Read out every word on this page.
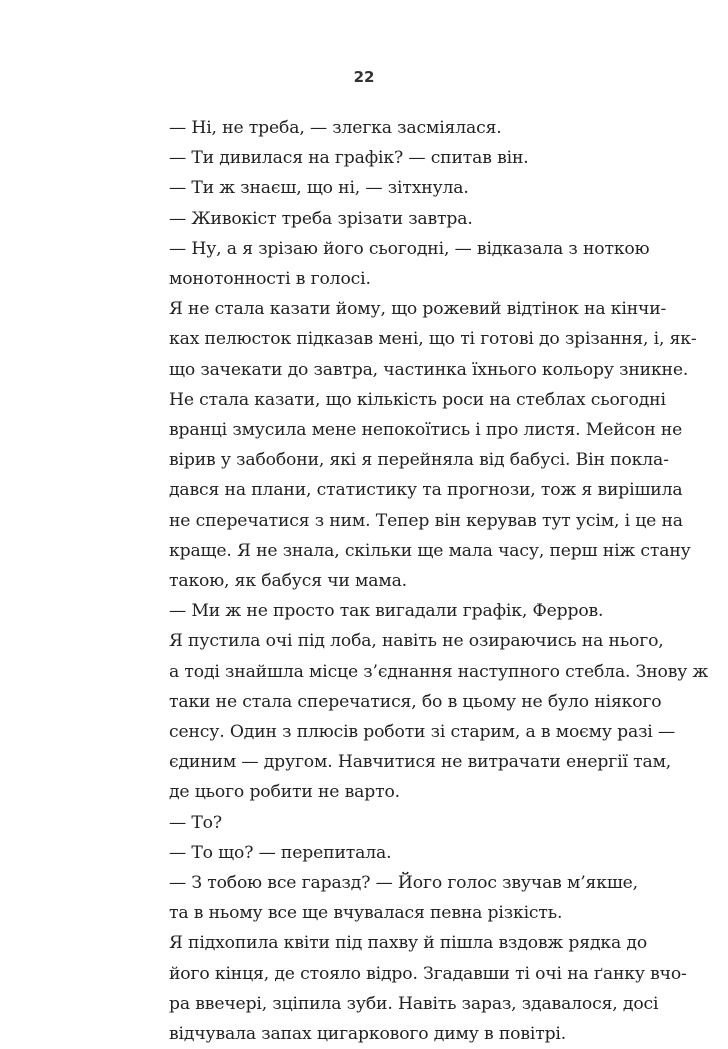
22
— Ні, не треба, — злегка засміялася.
— Ти дивилася на графік? — спитав він.
— Ти ж знаєш, що ні, — зітхнула.
— Живокіст треба зрізати завтра.
— Ну, а я зрізаю його сьогодні, — відказала з ноткою
монотонності в голосі.
Я не стала казати йому, що рожевий відтінок на кінчи-
ках пелюсток підказав мені, що ті готові до зрізання, і, як-
що зачекати до завтра, частинка їхнього кольору зникне.
Не стала казати, що кількість роси на стеблах сьогодні
вранці змусила мене непокоїтись і про листя. Мейсон не
вірив у забобони, які я перейняла від бабусі. Він покла-
дався на плани, статистику та прогнози, тож я вирішила
не сперечатися з ним. Тепер він керував тут усім, і це на
краще. Я не знала, скільки ще мала часу, перш ніж стану
такою, як бабуся чи мама.
— Ми ж не просто так вигадали графік, Ферров.
Я пустила очі під лоба, навіть не озираючись на нього,
а тоді знайшла місце з’єднання наступного стебла. Знову ж
таки не стала сперечатися, бо в цьому не було ніякого
сенсу. Один з плюсів роботи зі старим, а в моєму разі —
єдиним — другом. Навчитися не витрачати енергії там,
де цього робити не варто.
— То?
— То що? — перепитала.
— З тобою все гаразд? — Його голос звучав м’якше,
та в ньому все ще вчувалася певна різкість.
Я підхопила квіти під пахву й пішла вздовж рядка до
його кінця, де стояло відро. Згадавши ті очі на ґанку вчо-
ра ввечері, зціпила зуби. Навіть зараз, здавалося, досі
відчувала запах цигаркового диму в повітрі.
